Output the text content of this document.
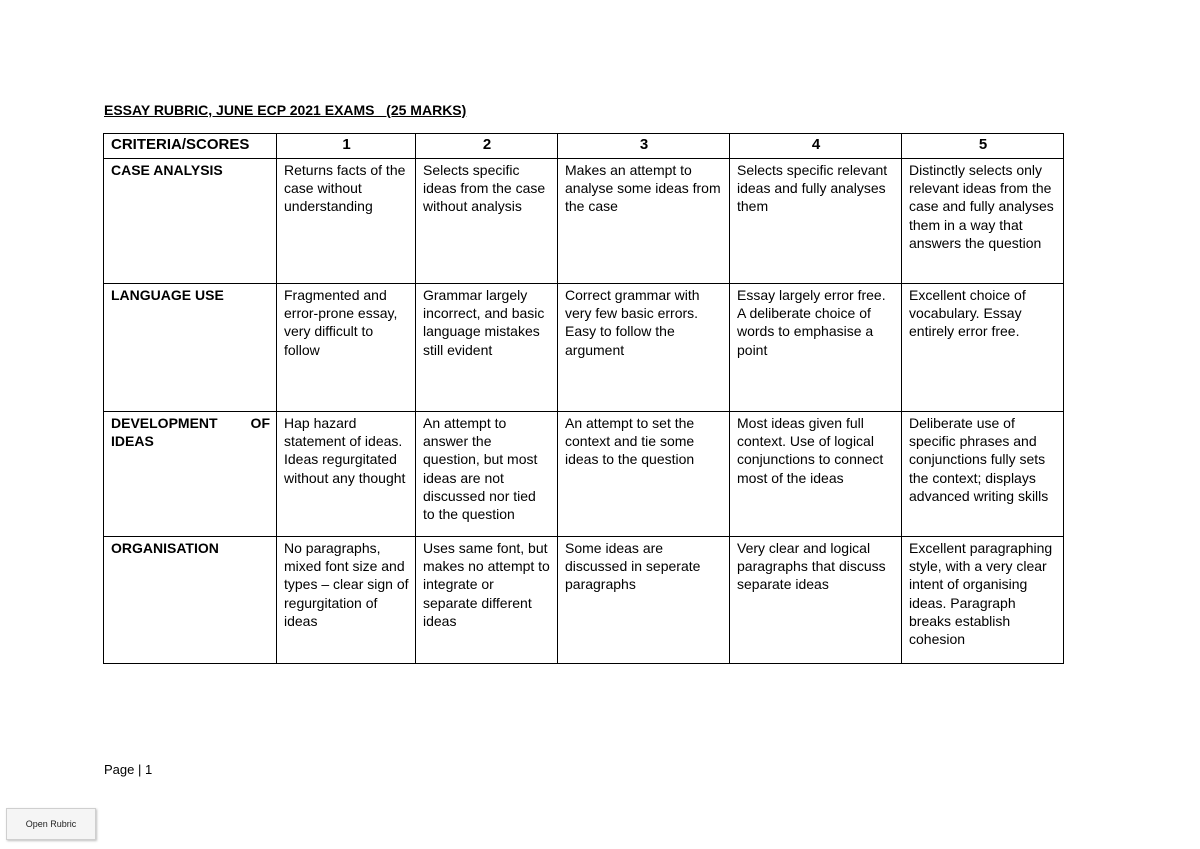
ESSAY RUBRIC, JUNE ECP 2021 EXAMS   (25 MARKS)
CRITERIA/SCORES	1	2	3	4	5
CASE ANALYSIS	Returns facts of the case without understanding	Selects specific ideas from the case without analysis	Makes an attempt to analyse some ideas from the case	Selects specific relevant ideas and fully analyses them	Distinctly selects only relevant ideas from the case and fully analyses them in a way that answers the question
LANGUAGE USE	Fragmented and error-prone essay, very difficult to follow	Grammar largely incorrect, and basic language mistakes still evident	Correct grammar with very few basic errors. Easy to follow the argument	Essay largely error free. A deliberate choice of words to emphasise a point	Excellent choice of vocabulary. Essay entirely error free.
DEVELOPMENT OF IDEAS	Hap hazard statement of ideas. Ideas regurgitated without any thought	An attempt to answer the question, but most ideas are not discussed nor tied to the question	An attempt to set the context and tie some ideas to the question	Most ideas given full context. Use of logical conjunctions to connect most of the ideas	Deliberate use of specific phrases and conjunctions fully sets the context; displays advanced writing skills
ORGANISATION	No paragraphs, mixed font size and types – clear sign of regurgitation of ideas	Uses same font, but makes no attempt to integrate or separate different ideas	Some ideas are discussed in seperate paragraphs	Very clear and logical paragraphs that discuss separate ideas	Excellent paragraphing style, with a very clear intent of organising ideas. Paragraph breaks establish cohesion
Page | 1
Open Rubric
